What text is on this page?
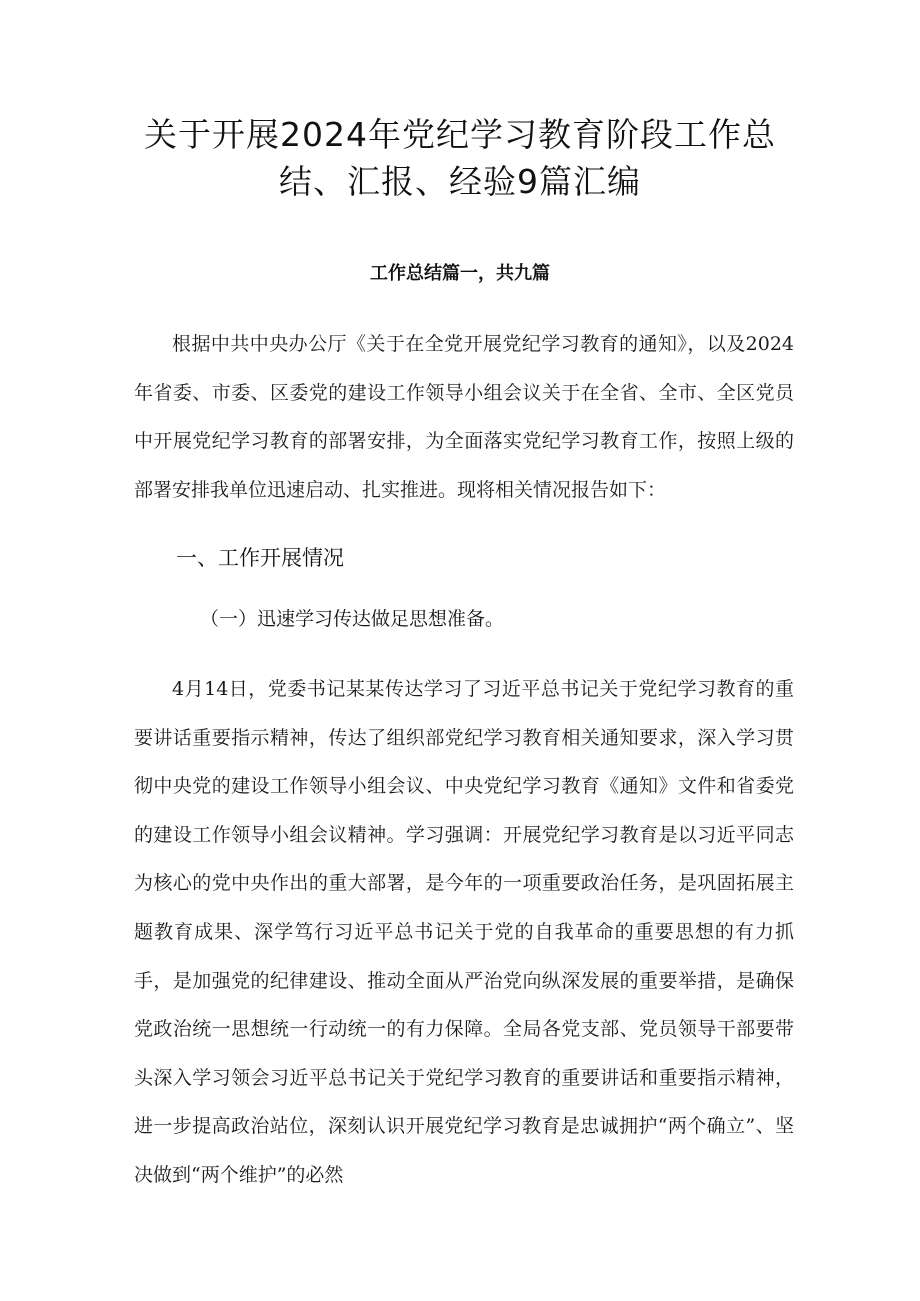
关于开展2024年党纪学习教育阶段工作总
结、汇报、经验9篇汇编
工作总结篇一，共九篇

根据中共中央办公厅《关于在全党开展党纪学习教育的通知》，以及2024年省委、市委、区委党的建设工作领导小组会议关于在全省、全市、全区党员中开展党纪学习教育的部署安排，为全面落实党纪学习教育工作，按照上级的部署安排我单位迅速启动、扎实推进。现将相关情况报告如下：

一、工作开展情况
（一）迅速学习传达做足思想准备。

4月14日，党委书记某某传达学习了习近平总书记关于党纪学习教育的重要讲话重要指示精神，传达了组织部党纪学习教育相关通知要求，深入学习贯彻中央党的建设工作领导小组会议、中央党纪学习教育《通知》文件和省委党的建设工作领导小组会议精神。学习强调：开展党纪学习教育是以习近平同志为核心的党中央作出的重大部署，是今年的一项重要政治任务，是巩固拓展主题教育成果、深学笃行习近平总书记关于党的自我革命的重要思想的有力抓手，是加强党的纪律建设、推动全面从严治党向纵深发展的重要举措，是确保党政治统一思想统一行动统一的有力保障。全局各党支部、党员领导干部要带头深入学习领会习近平总书记关于党纪学习教育的重要讲话和重要指示精神，进一步提高政治站位，深刻认识开展党纪学习教育是忠诚拥护“两个确立”、坚决做到“两个维护”的必然
